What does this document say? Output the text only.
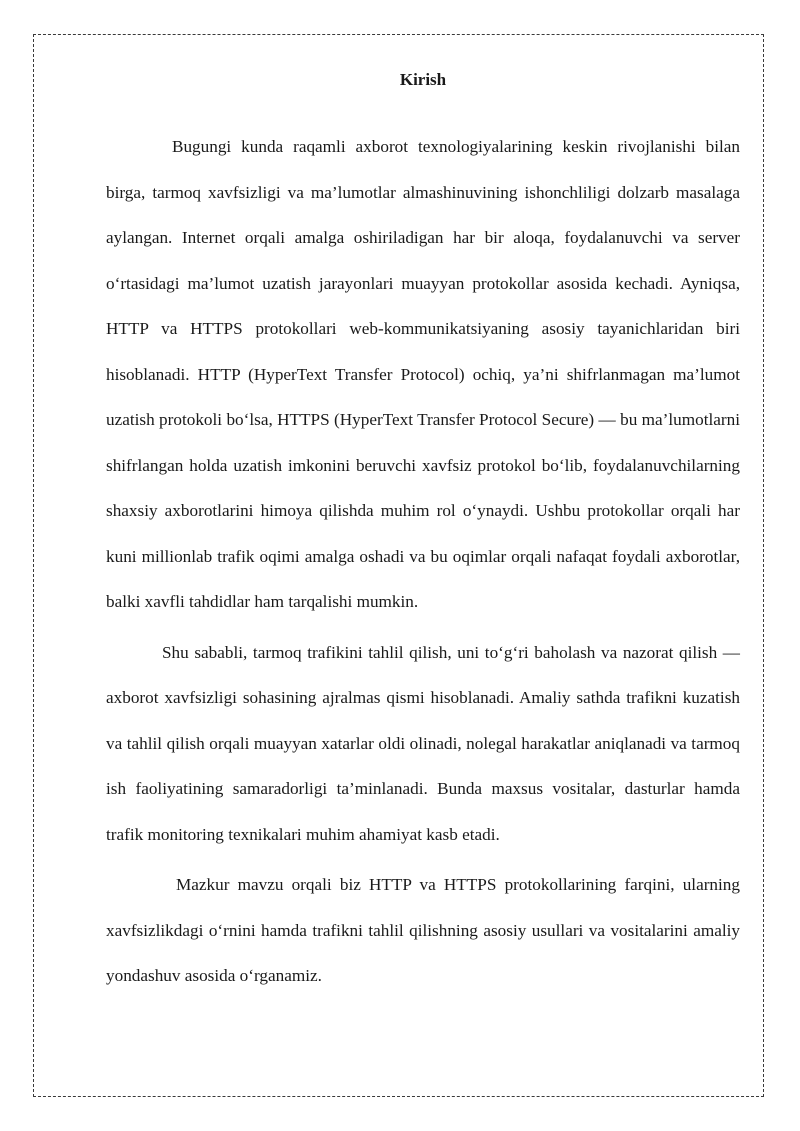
Kirish

Bugungi kunda raqamli axborot texnologiyalarining keskin rivojlanishi bilan birga, tarmoq xavfsizligi va ma’lumotlar almashinuvining ishonchliligi dolzarb masalaga aylangan. Internet orqali amalga oshiriladigan har bir aloqa, foydalanuvchi va server o‘rtasidagi ma’lumot uzatish jarayonlari muayyan protokollar asosida kechadi. Ayniqsa, HTTP va HTTPS protokollari web-kommunikatsiyaning asosiy tayanichlaridan biri hisoblanadi. HTTP (HyperText Transfer Protocol) ochiq, ya’ni shifrlanmagan ma’lumot uzatish protokoli bo‘lsa, HTTPS (HyperText Transfer Protocol Secure) — bu ma’lumotlarni shifrlangan holda uzatish imkonini beruvchi xavfsiz protokol bo‘lib, foydalanuvchilarning shaxsiy axborotlarini himoya qilishda muhim rol o‘ynaydi. Ushbu protokollar orqali har kuni millionlab trafik oqimi amalga oshadi va bu oqimlar orqali nafaqat foydali axborotlar, balki xavfli tahdidlar ham tarqalishi mumkin.

Shu sababli, tarmoq trafikini tahlil qilish, uni to‘g‘ri baholash va nazorat qilish — axborot xavfsizligi sohasining ajralmas qismi hisoblanadi. Amaliy sathda trafikni kuzatish va tahlil qilish orqali muayyan xatarlar oldi olinadi, nolegal harakatlar aniqlanadi va tarmoq ish faoliyatining samaradorligi ta’minlanadi. Bunda maxsus vositalar, dasturlar hamda trafik monitoring texnikalari muhim ahamiyat kasb etadi.

Mazkur mavzu orqali biz HTTP va HTTPS protokollarining farqini, ularning xavfsizlikdagi o‘rnini hamda trafikni tahlil qilishning asosiy usullari va vositalarini amaliy yondashuv asosida o‘rganamiz.
